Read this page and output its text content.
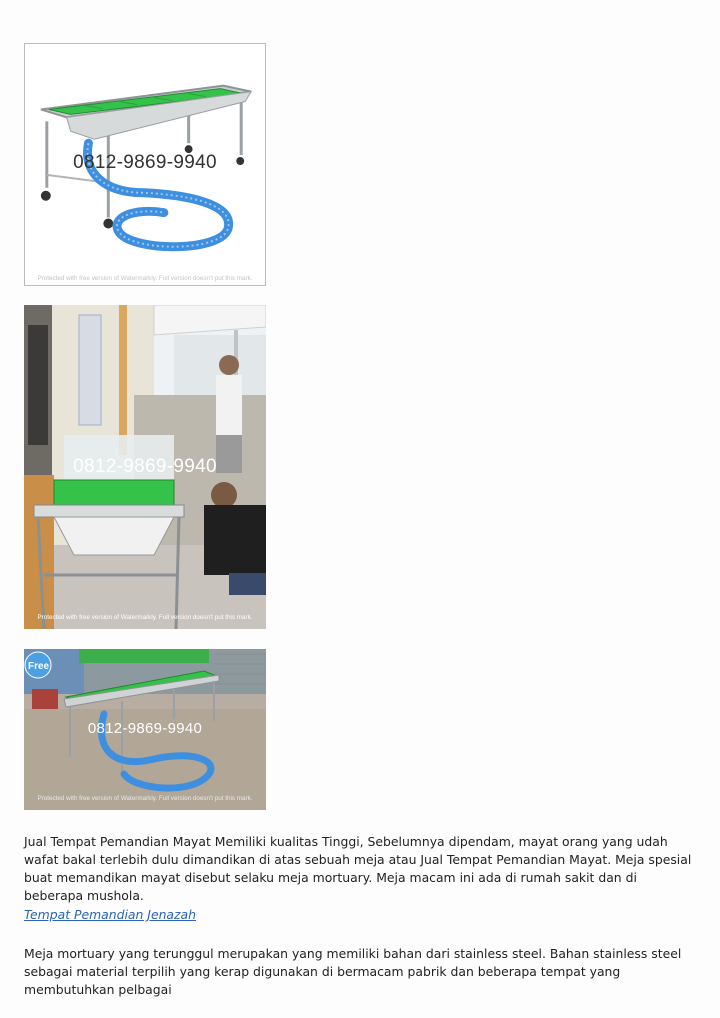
0812-9869-9940
Protected with free version of Watermarkly. Full version doesn't put this mark.
0812-9869-9940
Protected with free version of Watermarkly. Full version doesn't put this mark.
Free
0812-9869-9940
Protected with free version of Watermarkly. Full version doesn't put this mark.

Jual Tempat Pemandian Mayat Memiliki kualitas Tinggi, Sebelumnya dipendam, mayat orang yang udah wafat bakal terlebih dulu dimandikan di atas sebuah meja atau Jual Tempat Pemandian Mayat. Meja spesial buat memandikan mayat disebut selaku meja mortuary. Meja macam ini ada di rumah sakit dan di beberapa mushola.

Tempat Pemandian Jenazah

Meja mortuary yang terunggul merupakan yang memiliki bahan dari stainless steel. Bahan stainless steel sebagai material terpilih yang kerap digunakan di bermacam pabrik dan beberapa tempat yang membutuhkan pelbagai
